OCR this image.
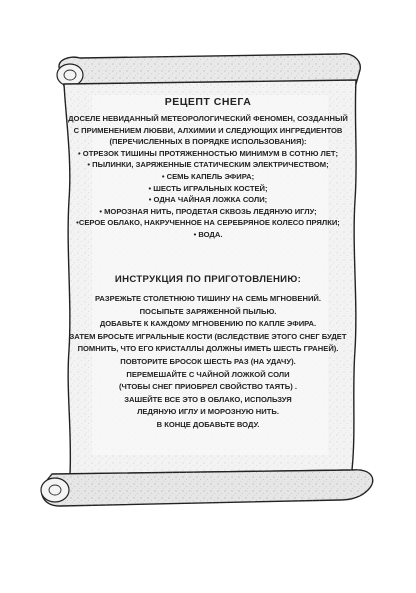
РЕЦЕПТ СНЕГА
ДОСЕЛЕ НЕВИДАННЫЙ МЕТЕОРОЛОГИЧЕСКИЙ ФЕНОМЕН, СОЗДАННЫЙ
С ПРИМЕНЕНИЕМ ЛЮБВИ, АЛХИМИИ И СЛЕДУЮЩИХ ИНГРЕДИЕНТОВ
(ПЕРЕЧИСЛЕННЫХ В ПОРЯДКЕ ИСПОЛЬЗОВАНИЯ):
• ОТРЕЗОК ТИШИНЫ ПРОТЯЖЕННОСТЬЮ МИНИМУМ В СОТНЮ ЛЕТ;
• ПЫЛИНКИ, ЗАРЯЖЕННЫЕ СТАТИЧЕСКИМ ЭЛЕКТРИЧЕСТВОМ;
• СЕМЬ КАПЕЛЬ ЭФИРА;
• ШЕСТЬ ИГРАЛЬНЫХ КОСТЕЙ;
• ОДНА ЧАЙНАЯ ЛОЖКА СОЛИ;
• МОРОЗНАЯ НИТЬ, ПРОДЕТАЯ СКВОЗЬ ЛЕДЯНУЮ ИГЛУ;
•СЕРОЕ ОБЛАКО, НАКРУЧЕННОЕ НА СЕРЕБРЯНОЕ КОЛЕСО ПРЯЛКИ;
• ВОДА.
ИНСТРУКЦИЯ ПО ПРИГОТОВЛЕНИЮ:
РАЗРЕЖЬТЕ СТОЛЕТНЮЮ ТИШИНУ НА СЕМЬ МГНОВЕНИЙ.
ПОСЫПЬТЕ ЗАРЯЖЕННОЙ ПЫЛЬЮ.
ДОБАВЬТЕ К КАЖДОМУ МГНОВЕНИЮ ПО КАПЛЕ ЭФИРА.
ЗАТЕМ БРОСЬТЕ ИГРАЛЬНЫЕ КОСТИ (ВСЛЕДСТВИЕ ЭТОГО СНЕГ БУДЕТ
ПОМНИТЬ, ЧТО ЕГО КРИСТАЛЛЫ ДОЛЖНЫ ИМЕТЬ ШЕСТЬ ГРАНЕЙ).
ПОВТОРИТЕ БРОСОК ШЕСТЬ РАЗ (НА УДАЧУ).
ПЕРЕМЕШАЙТЕ С ЧАЙНОЙ ЛОЖКОЙ СОЛИ
(ЧТОБЫ СНЕГ ПРИОБРЕЛ СВОЙСТВО ТАЯТЬ) .
ЗАШЕЙТЕ ВСЕ ЭТО В ОБЛАКО, ИСПОЛЬЗУЯ
ЛЕДЯНУЮ ИГЛУ И МОРОЗНУЮ НИТЬ.
В КОНЦЕ ДОБАВЬТЕ ВОДУ.
